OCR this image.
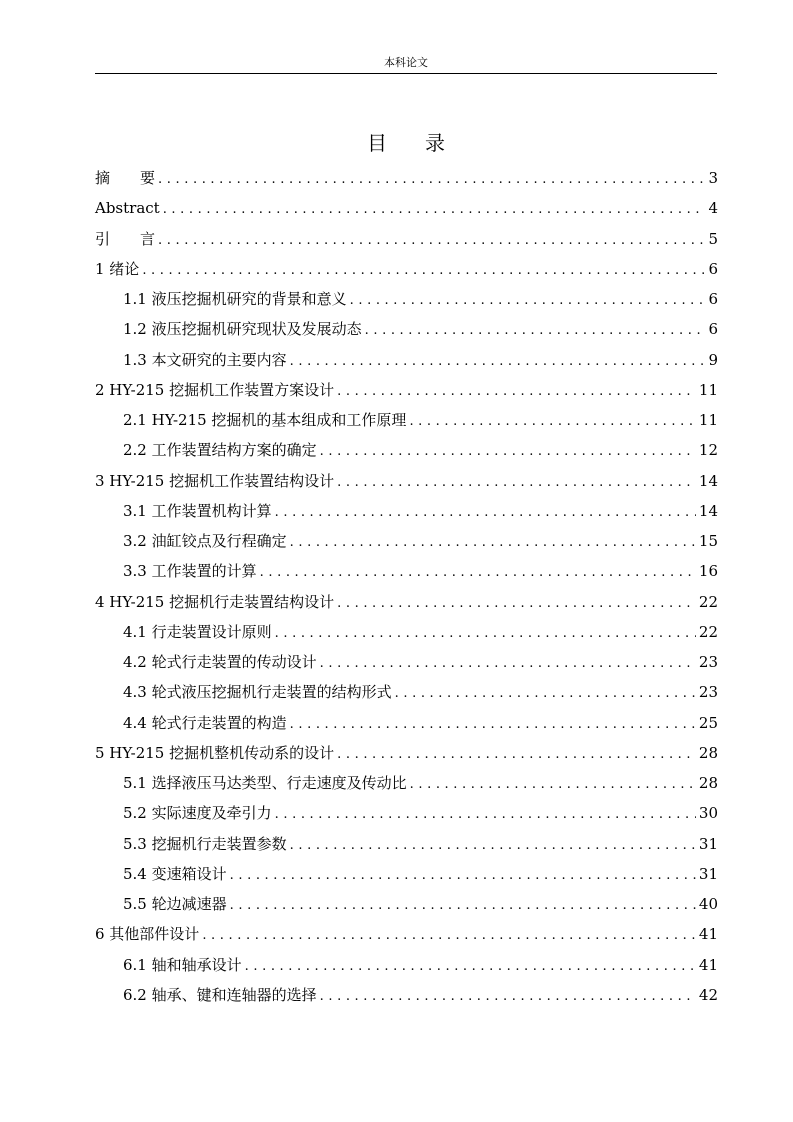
本科论文
目录
摘要 .....	3
Abstract .....	4
引言 .....	5
1 绪论 .....	6
1.1 液压挖掘机研究的背景和意义 .....	6
1.2 液压挖掘机研究现状及发展动态 .....	6
1.3 本文研究的主要内容 .....	9
2 HY-215 挖掘机工作装置方案设计 .....	11
2.1 HY-215 挖掘机的基本组成和工作原理 .....	11
2.2 工作装置结构方案的确定 .....	12
3 HY-215 挖掘机工作装置结构设计 .....	14
3.1 工作装置机构计算 .....	14
3.2 油缸铰点及行程确定 .....	15
3.3 工作装置的计算 .....	16
4 HY-215 挖掘机行走装置结构设计 .....	22
4.1 行走装置设计原则 .....	22
4.2 轮式行走装置的传动设计 .....	23
4.3 轮式液压挖掘机行走装置的结构形式 .....	23
4.4 轮式行走装置的构造 .....	25
5 HY-215 挖掘机整机传动系的设计 .....	28
5.1 选择液压马达类型、行走速度及传动比 .....	28
5.2 实际速度及牵引力 .....	30
5.3 挖掘机行走装置参数 .....	31
5.4 变速箱设计 .....	31
5.5 轮边减速器 .....	40
6 其他部件设计 .....	41
6.1 轴和轴承设计 .....	41
6.2 轴承、键和连轴器的选择 .....	42
